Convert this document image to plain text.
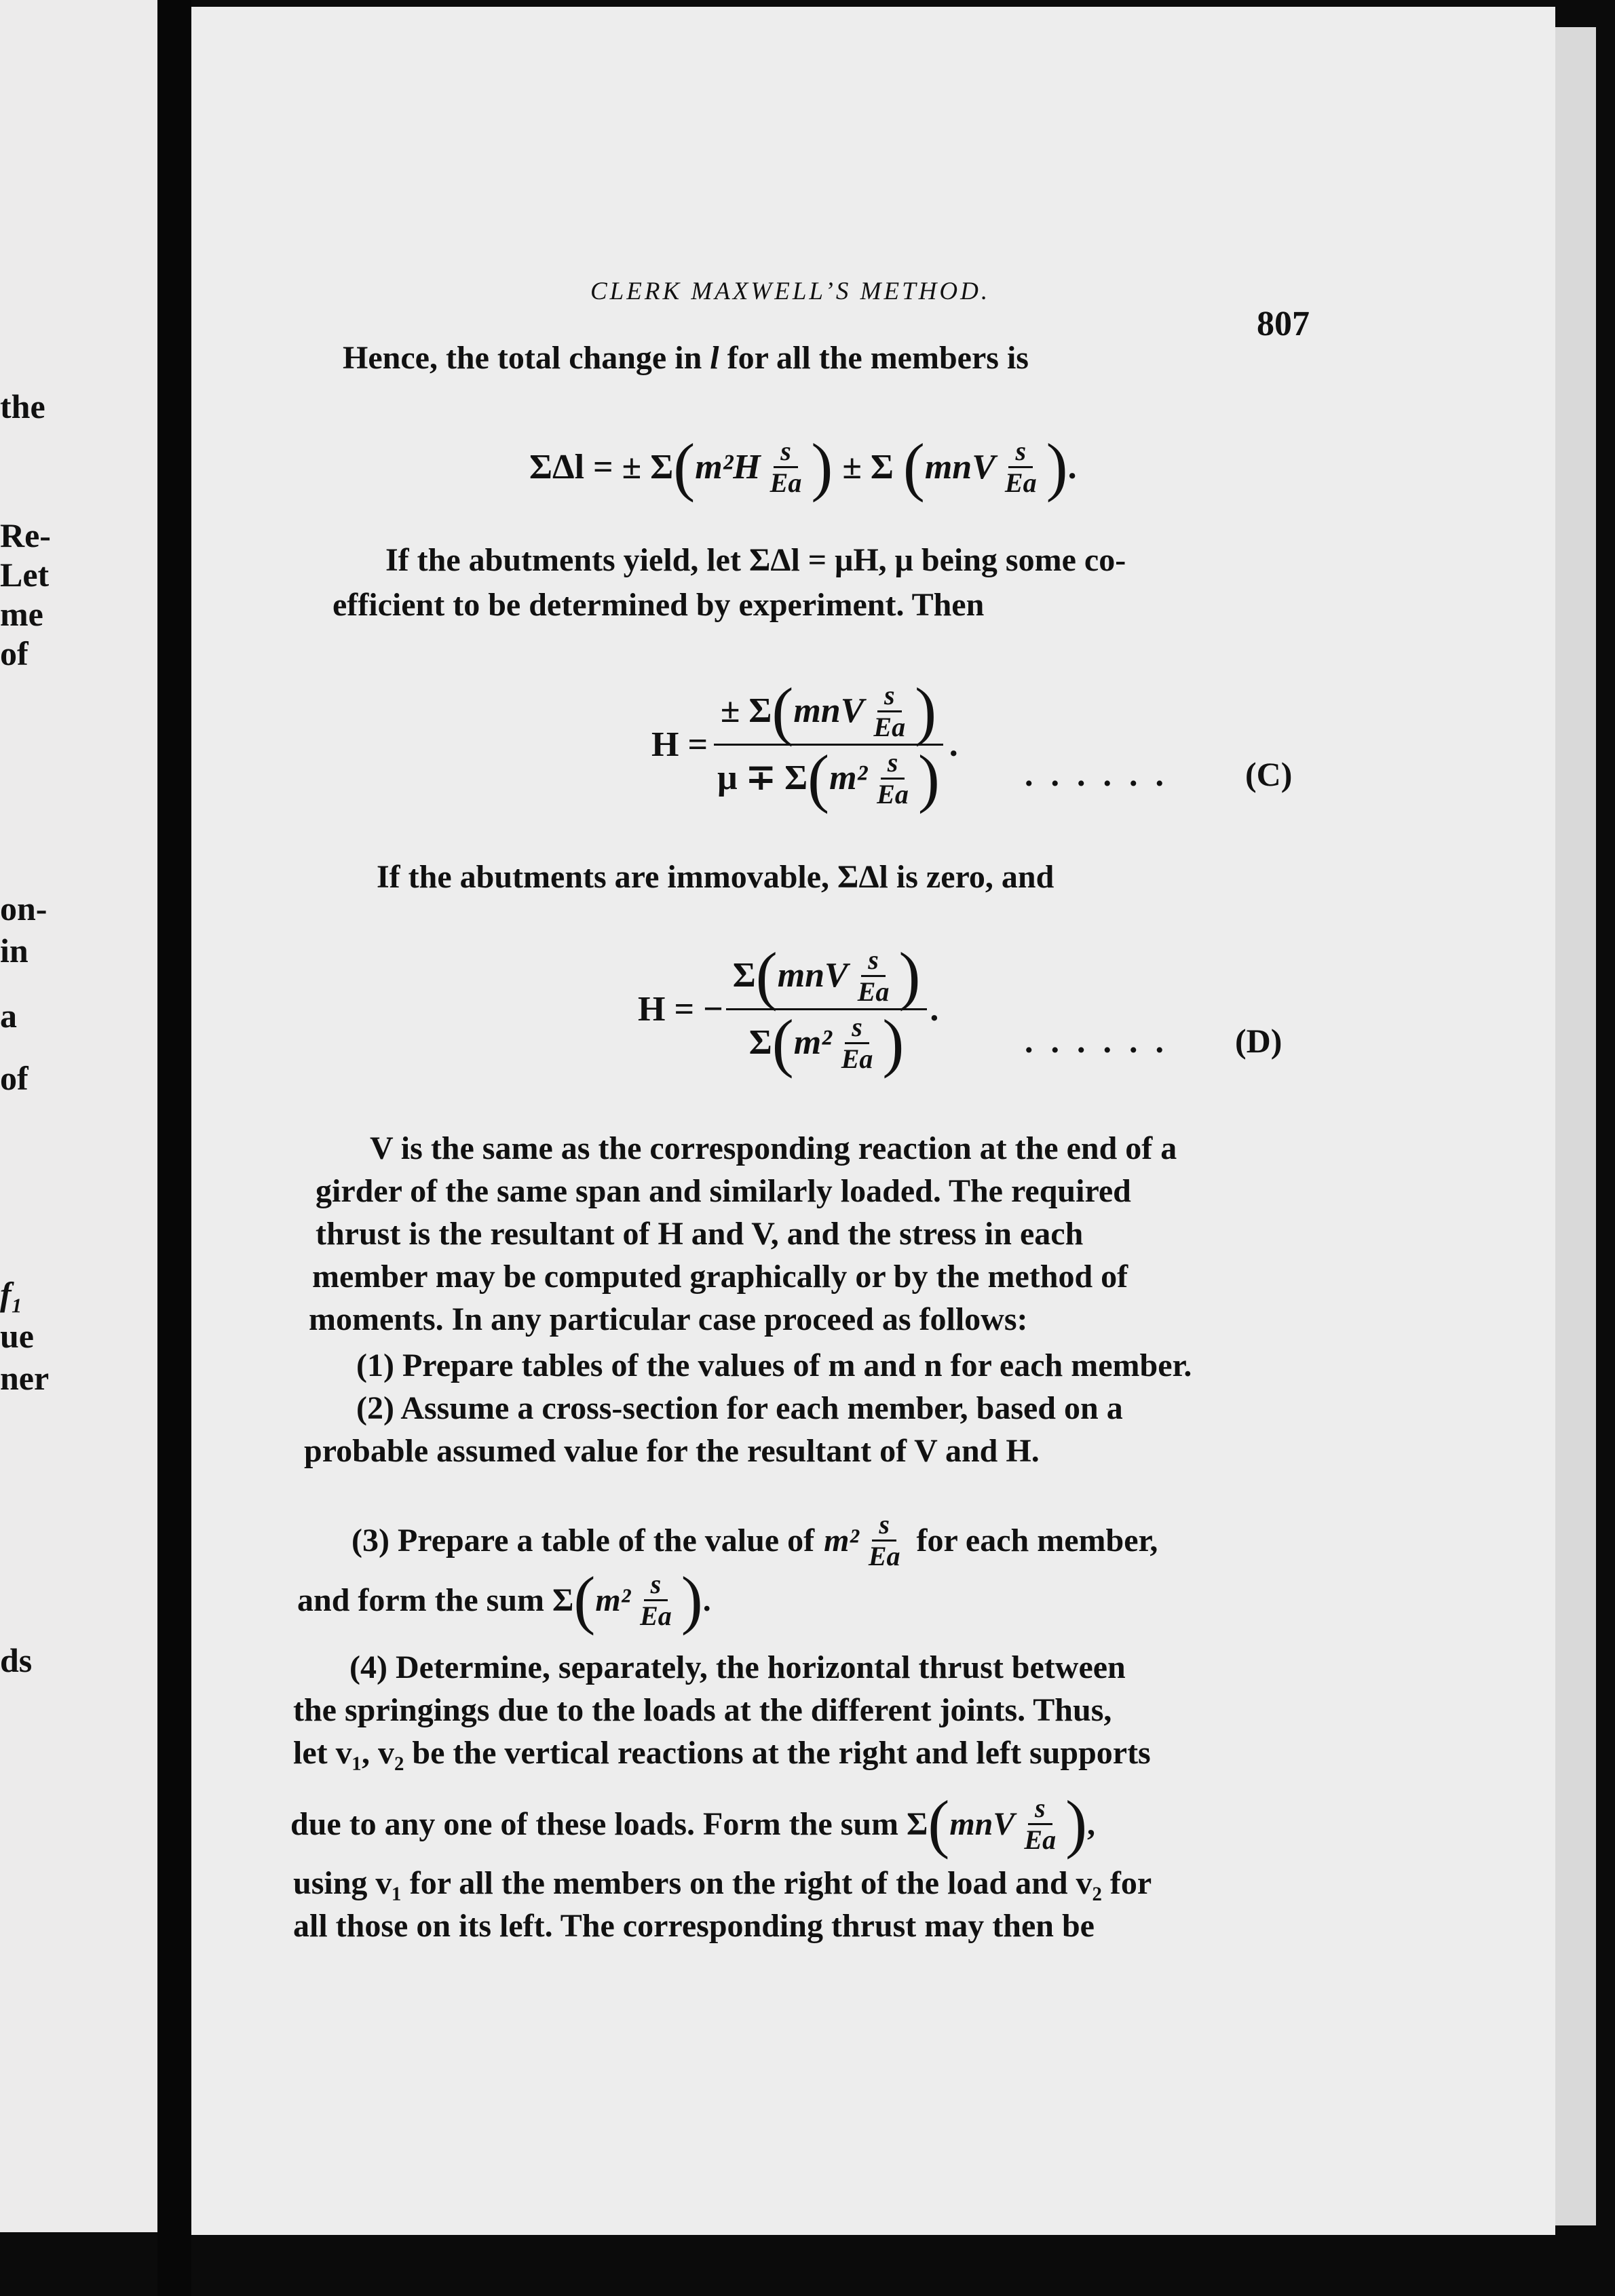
the
Re-
Let
me
of
on-
in
a
of
f₁
ue
ner
ds
CLERK MAXWELL’S METHOD.
807
Hence, the total change in l for all the members is
ΣΔl = ± Σ ( $m^2H \frac{s}{Ea}$ ) ± Σ ( mnV $\frac{s}{Ea}$ ) .
If the abutments yield, let ΣΔl = μH, μ being some co-
efficient to be determined by experiment. Then
$H = \frac{\pm \Sigma ( mnV \frac{s}{Ea} )}{\mu \mp \Sigma ( m^2 \frac{s}{Ea} )}$ .
...... (C)
If the abutments are immovable, ΣΔl is zero, and
H = − $\frac{\Sigma ( mnV \frac{s}{Ea} )}{\Sigma ( m^2 \frac{s}{Ea} )}$ .
...... (D)
V is the same as the corresponding reaction at the end of a
girder of the same span and similarly loaded. The required
thrust is the resultant of H and V, and the stress in each
member may be computed graphically or by the method of
moments. In any particular case proceed as follows:
(1) Prepare tables of the values of m and n for each member.
(2) Assume a cross-section for each member, based on a
probable assumed value for the resultant of V and H.
(3) Prepare a table of the value of $m^2 \frac{s}{Ea}$ for each member,
and form the sum Σ ( $m^2 \frac{s}{Ea}$ ) .
(4) Determine, separately, the horizontal thrust between
the springings due to the loads at the different joints. Thus,
let v₁, v₂ be the vertical reactions at the right and left supports
due to any one of these loads. Form the sum Σ ( mnV $\frac{s}{Ea}$ ) ,
using v₁ for all the members on the right of the load and v₂ for
all those on its left. The corresponding thrust may then be
